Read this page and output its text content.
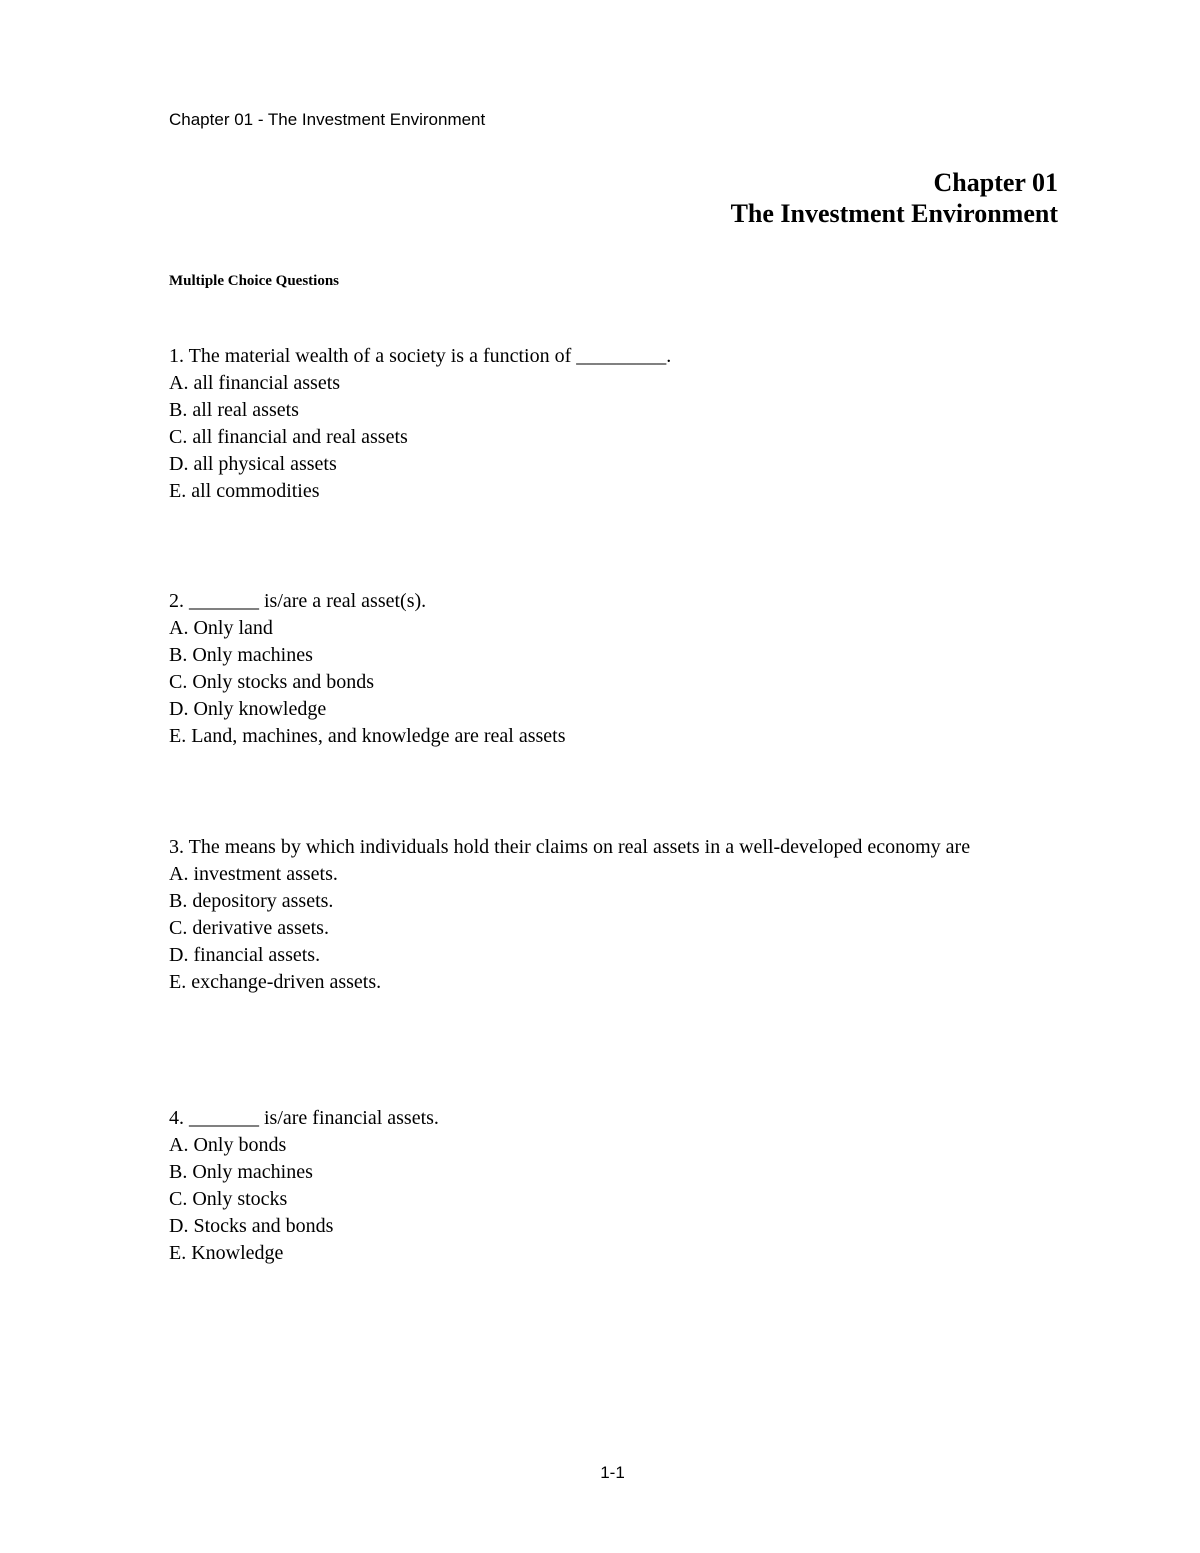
Chapter 01 - The Investment Environment
Chapter 01
The Investment Environment
Multiple Choice Questions
1. The material wealth of a society is a function of _________.
A. all financial assets
B. all real assets
C. all financial and real assets
D. all physical assets
E. all commodities
2. _______ is/are a real asset(s).
A. Only land
B. Only machines
C. Only stocks and bonds
D. Only knowledge
E. Land, machines, and knowledge are real assets
3. The means by which individuals hold their claims on real assets in a well-developed economy are
A. investment assets.
B. depository assets.
C. derivative assets.
D. financial assets.
E. exchange-driven assets.
4. _______ is/are financial assets.
A. Only bonds
B. Only machines
C. Only stocks
D. Stocks and bonds
E. Knowledge
1-1
